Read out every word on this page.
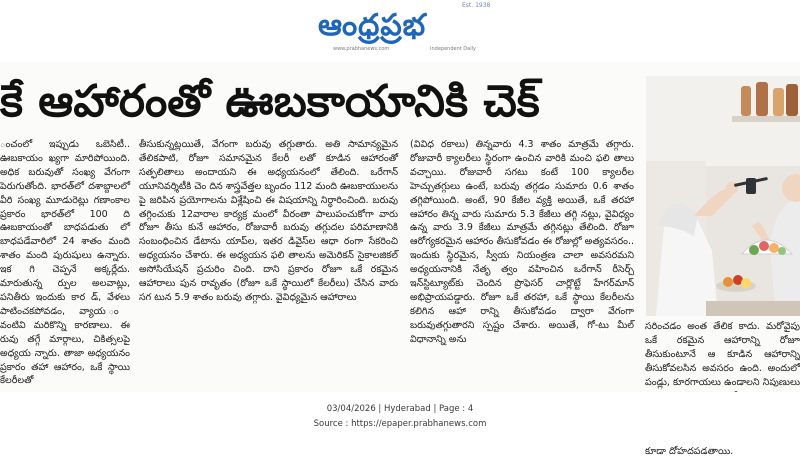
ఆంధ్రప్రభ
Est. 1938
www.prabhanews.com	Independent Daily
కే ఆహారంతో ఊబకాయానికి చెక్
ంచంలో ఇప్పుడు ఒబెసిటీ.. ఊబకాయం ఖ్యగా మారిపోయింది. అధిక బరువుతో సంఖ్య వేగంగా పెరుగుతోంది. భారత్‌లో దశాబ్దాలలో వీరి సంఖ్య మూడురెట్లు గణాంకాల ప్రకారం భారత్‌లో 100 ది ఊబకాయంతో బాధపడుతు లో బాధపడేవారిలో 24 శాతం మంది శాతం మంది పురుషులు ఉన్నారు. ఇక గి చెప్పనే అక్కర్లేదు. మారుతున్న ర్పుల అలవాట్లు, పనితీరు ఇందుకు కార డ్, వేళలు పాటించకపోవడం, వ్యాయ ం వంటివి మరికొన్ని కారణాలు. ఈ రువు తగ్గే మార్గాలు, చికిత్సలపై అధ్యయ న్నారు. తాజా అధ్యయనం ప్రకారం తహా ఆహారం, ఒకే స్థాయి కేలరీలతో
తీసుకున్నట్లయితే, వేగంగా బరువు తగ్గుతారు. అతి సామాన్యమైన తేలికపాటి, రోజూ సమానమైన కేలరీ లతో కూడిన ఆహారంతో సత్ఫలితాలు అందాయని ఈ అధ్యయనంలో తేలింది. ఒరేగాన్ యూనివర్శిటీకి చెం దిన శాస్త్రవేత్తల బృందం 112 మంది ఊబకాయులను పై జరిపిన ప్రయోగాలను విశ్లేషించి ఈ విషయాన్ని నిర్ధారించింది. బరువు తగ్గించుకు 12వారాల కార్యక్ర మంలో వీరంతా పాలుపంచుకోగా వారు రోజూ తీసు కునే ఆహారం, రోజువారీ బరువు తగ్గుదల పరిమాణానికి సంబంధించిన డేటాను యాప్‌ల, ఇతర డివైస్‌ల ఆధా రంగా సేకరించి అధ్యయనం చేశారు. ఈ అధ్యయన ఫలి తాలను అమెరికన్ సైకాలజికల్ అసోసియేషన్ ప్రచురిం చింది. దాని ప్రకారం రోజూ ఒకే రకమైన ఆహారాలు పున రావృతం (రోజూ ఒకే స్థాయిలో కేలరీలు) చేసిన వారు సగ టున 5.9 శాతం బరువు తగ్గారు. వైవిధ్యమైన ఆహారాలు
(వివిధ రకాలు) తిన్నవారు 4.3 శాతం మాత్రమే తగ్గారు. రోజువారీ క్యాలరీలు స్థిరంగా ఉంచిన వారికి మంచి ఫలి తాలు వచ్చాయి. రోజువారీ సగటు కంటే 100 క్యాలరీల హెచ్చుతగ్గులు ఉంటే, బరువు తగ్గడం సుమారు 0.6 శాతం తగ్గిపోయింది. అంటే, 90 కేజీల వ్యక్తి అయితే, ఒకే తరహా ఆహారం తిన్న వారు సుమారు 5.3 కేజీలు తగ్గి నట్లు, వైవిధ్యం ఉన్న వారు 3.9 కేజీలు మాత్రమే తగ్గినట్లు తేలింది. రోజూ ఆరోగ్యకరమైన ఆహారం తీసుకోవడం ఈ రోజుల్లో అత్యవసరం.. ఇందుకు స్థిరమైన, స్వీయ నియంత్రణ చాలా అవసరమని అధ్యయనానికి నేతృ త్వం వహించిన ఒరేగాన్ రీసెర్చ్ ఇన్‌స్టిట్యూట్‌కు చెందిన ప్రొఫెసర్ చార్లొట్టే హేగర్‌మాన్ అభిప్రాయపడ్డారు. రోజూ ఒకే తరహా, ఒకే స్థాయి కేలరీలను కలిగిన ఆహా రాన్ని తీసుకోవడం ద్వారా వేగంగా బరువుతగ్గుతారని స్పష్టం చేశారు. అయితే, గో-టు మీల్ విధానాన్ని అను
సరించడం అంత తేలిక కాదు. మరోవైపు ఒకే రకమైన ఆహారాన్ని రోజూ తీసుకుంటూనే ఆ కూడిన ఆహారాన్ని తీసుకోవలసిన అవసరం ఉంది. అందులో పండ్లు, కూరగాయలు ఉండాలని నిపుణులు కూడా దోహదపడతాయి.
03/04/2026 | Hyderabad | Page : 4
Source : https://epaper.prabhanews.com
